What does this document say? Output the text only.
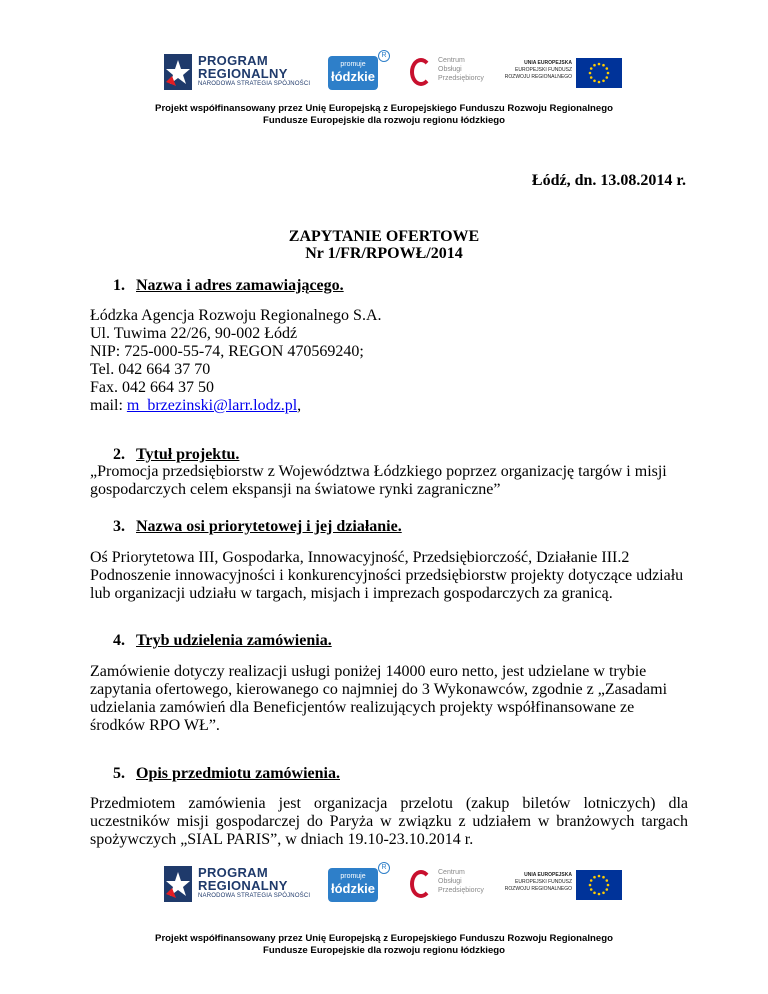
PROGRAM
REGIONALNY
NARODOWA STRATEGIA SPÓJNOŚCI
promuje
łódzkie
R
Centrum
Obsługi
Przedsiębiorcy
UNIA EUROPEJSKA
EUROPEJSKI FUNDUSZ
ROZWOJU REGIONALNEGO
Projekt współfinansowany przez Unię Europejską z Europejskiego Funduszu Rozwoju Regionalnego
Fundusze Europejskie dla rozwoju regionu łódzkiego
Łódź, dn. 13.08.2014 r.
ZAPYTANIE OFERTOWE
Nr 1/FR/RPOWŁ/2014
1. Nazwa i adres zamawiającego.
Łódzka Agencja Rozwoju Regionalnego S.A.
Ul. Tuwima 22/26, 90-002 Łódź
NIP: 725-000-55-74, REGON 470569240;
Tel. 042 664 37 70
Fax. 042 664 37 50
mail: m_brzezinski@larr.lodz.pl,
2. Tytuł projektu.
„Promocja przedsiębiorstw z Województwa Łódzkiego poprzez organizację targów i misji gospodarczych celem ekspansji na światowe rynki zagraniczne”
3. Nazwa osi priorytetowej i jej działanie.
Oś Priorytetowa III, Gospodarka, Innowacyjność, Przedsiębiorczość, Działanie III.2 Podnoszenie innowacyjności i konkurencyjności przedsiębiorstw projekty dotyczące udziału lub organizacji udziału w targach, misjach i imprezach gospodarczych za granicą.
4. Tryb udzielenia zamówienia.
Zamówienie dotyczy realizacji usługi poniżej 14000 euro netto, jest udzielane w trybie zapytania ofertowego, kierowanego co najmniej do 3 Wykonawców, zgodnie z „Zasadami udzielania zamówień dla Beneficjentów realizujących projekty współfinansowane ze środków RPO WŁ”.
5. Opis przedmiotu zamówienia.
Przedmiotem zamówienia jest organizacja przelotu (zakup biletów lotniczych) dla uczestników misji gospodarczej do Paryża w związku z udziałem w branżowych targach spożywczych „SIAL PARIS”, w dniach 19.10-23.10.2014 r.
PROGRAM
REGIONALNY
NARODOWA STRATEGIA SPÓJNOŚCI
promuje
łódzkie
R
Centrum
Obsługi
Przedsiębiorcy
UNIA EUROPEJSKA
EUROPEJSKI FUNDUSZ
ROZWOJU REGIONALNEGO
Projekt współfinansowany przez Unię Europejską z Europejskiego Funduszu Rozwoju Regionalnego
Fundusze Europejskie dla rozwoju regionu łódzkiego
